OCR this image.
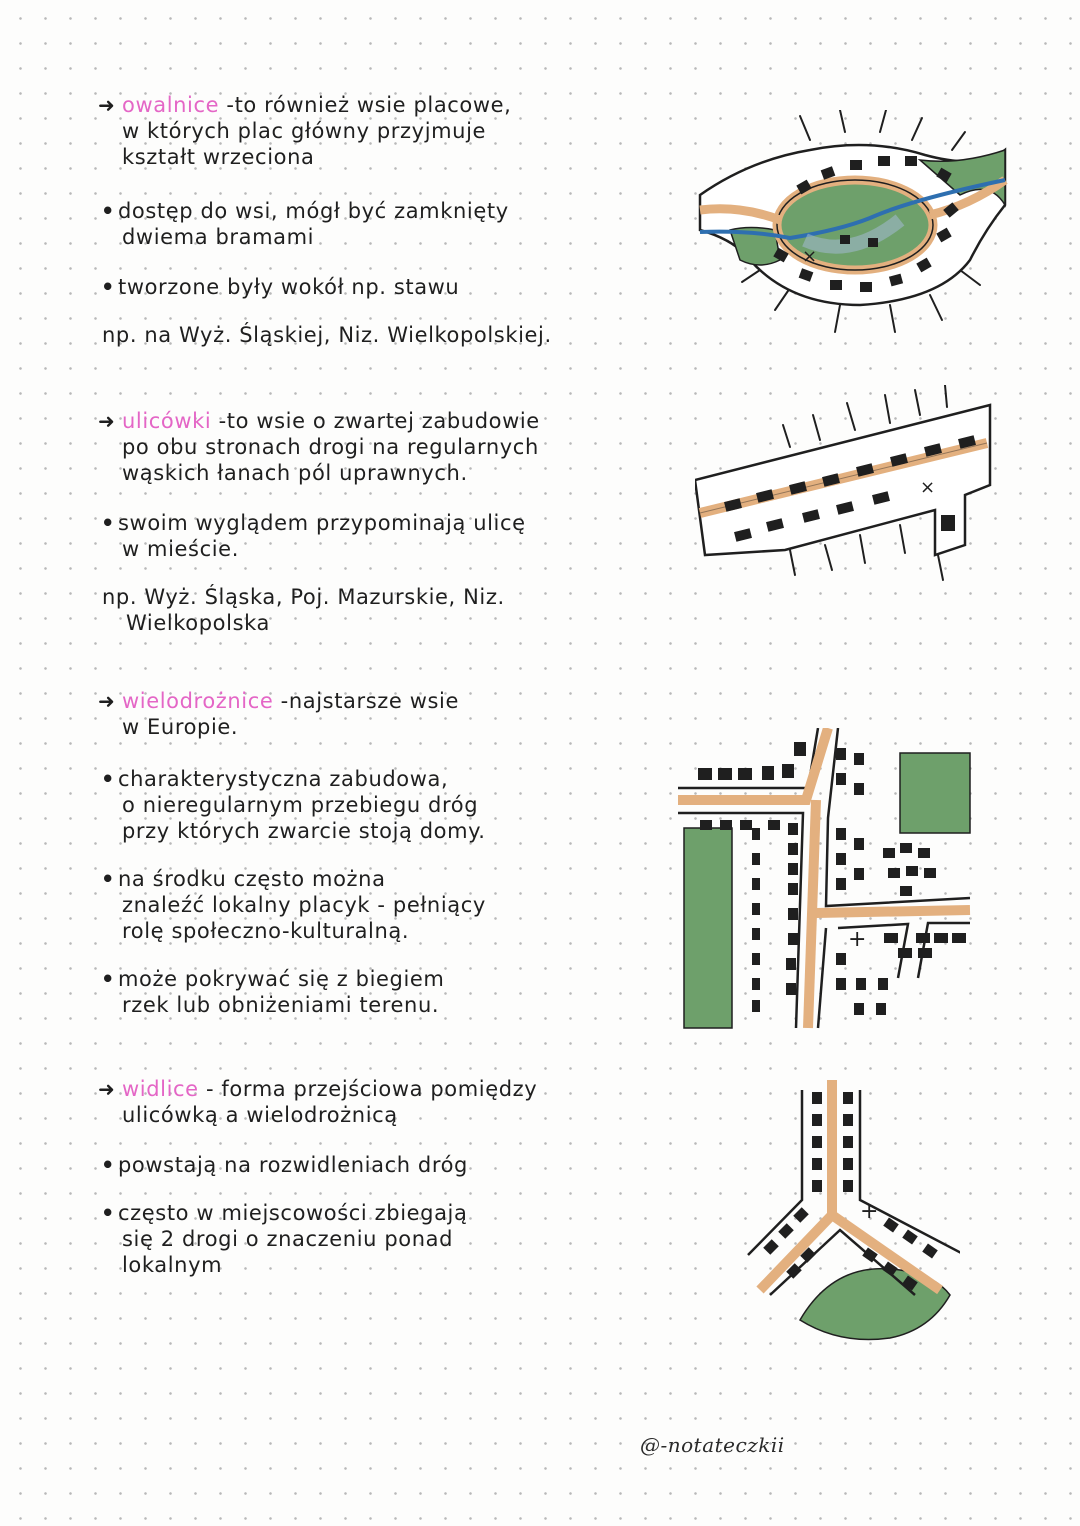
➜ owalnice -to również wsie placowe,
w których plac główny przyjmuje
kształt wrzeciona

• dostęp do wsi, mógł być zamknięty
dwiema bramami

• tworzone były wokół np. stawu

np. na Wyż. Śląskiej, Niz. Wielkopolskiej.

➜ ulicówki -to wsie o zwartej zabudowie
po obu stronach drogi na regularnych
wąskich łanach pól uprawnych.

• swoim wyglądem przypominają ulicę
w mieście.

np. Wyż. Śląska, Poj. Mazurskie, Niz.
Wielkopolska

➜ wielodrożnice -najstarsze wsie
w Europie.

• charakterystyczna zabudowa,
o nieregularnym przebiegu dróg
przy których zwarcie stoją domy.

• na środku często można
znaleźć lokalny placyk - pełniący
rolę społeczno-kulturalną.

• może pokrywać się z biegiem
rzek lub obniżeniami terenu.

➜ widlice - forma przejściowa pomiędzy
ulicówką a wielodrożnicą

• powstają na rozwidleniach dróg

• często w miejscowości zbiegają
się 2 drogi o znaczeniu ponad
lokalnym

×
×
+
+
@-notateczkii
